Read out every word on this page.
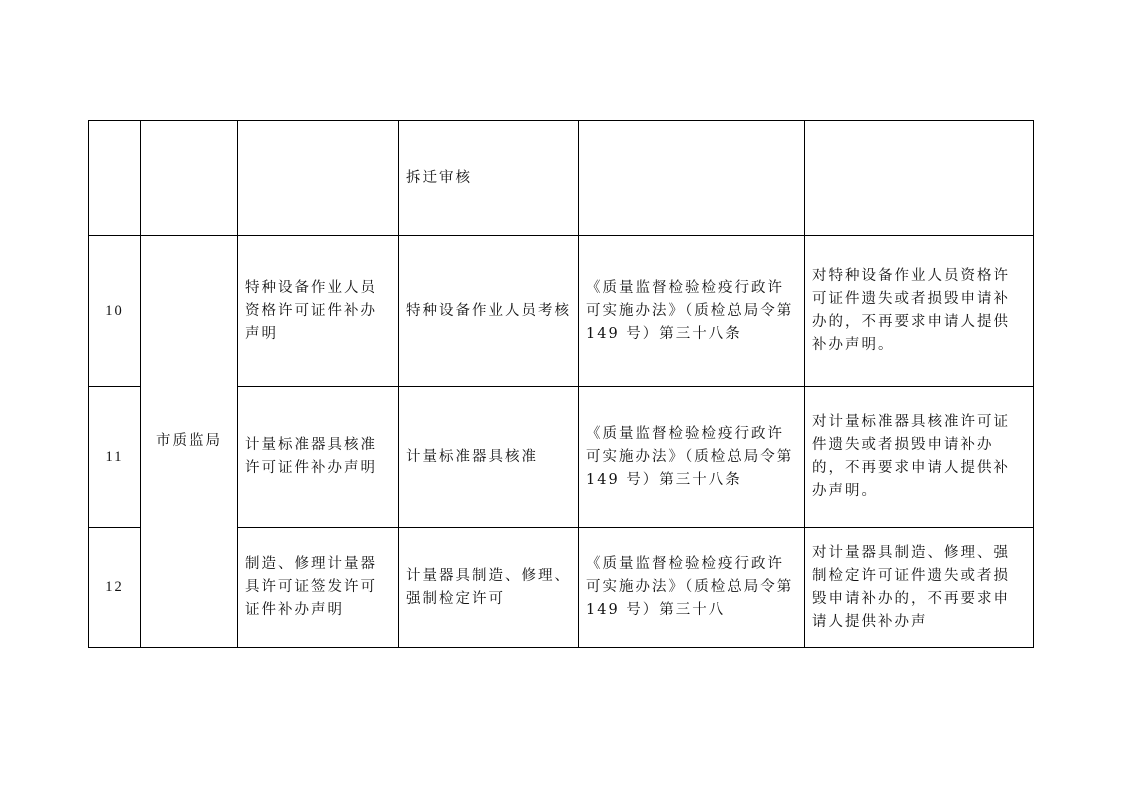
			拆迁审核		
10	市质监局	特种设备作业人员资格许可证件补办声明	特种设备作业人员考核	《质量监督检验检疫行政许可实施办法》（质检总局令第 149 号）第三十八条	对特种设备作业人员资格许可证件遗失或者损毁申请补办的，不再要求申请人提供补办声明。
11		计量标准器具核准许可证件补办声明	计量标准器具核准	《质量监督检验检疫行政许可实施办法》（质检总局令第 149 号）第三十八条	对计量标准器具核准许可证件遗失或者损毁申请补办的，不再要求申请人提供补办声明。
12		制造、修理计量器具许可证签发许可证件补办声明	计量器具制造、修理、强制检定许可	《质量监督检验检疫行政许可实施办法》（质检总局令第 149 号）第三十八	对计量器具制造、修理、强制检定许可证件遗失或者损毁申请补办的，不再要求申请人提供补办声
